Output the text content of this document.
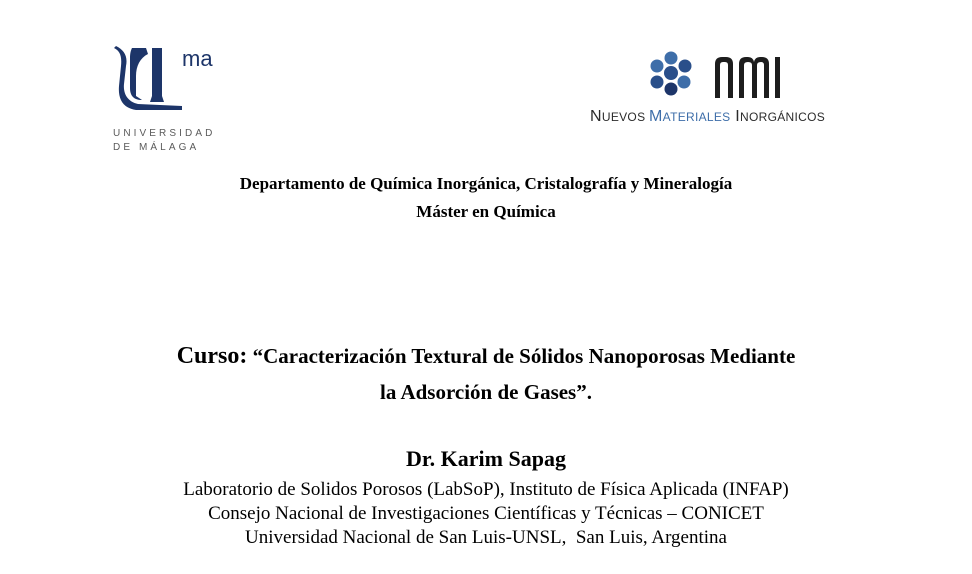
ma
UNIVERSIDAD
DE MÁLAGA
NUEVOS MATERIALES INORGÁNICOS
Departamento de Química Inorgánica, Cristalografía y Mineralogía
Máster en Química
Curso: “Caracterización Textural de Sólidos Nanoporosas Mediante
la Adsorción de Gases”.
Dr. Karim Sapag
Laboratorio de Solidos Porosos (LabSoP), Instituto de Física Aplicada (INFAP)
Consejo Nacional de Investigaciones Científicas y Técnicas – CONICET
Universidad Nacional de San Luis-UNSL,  San Luis, Argentina
